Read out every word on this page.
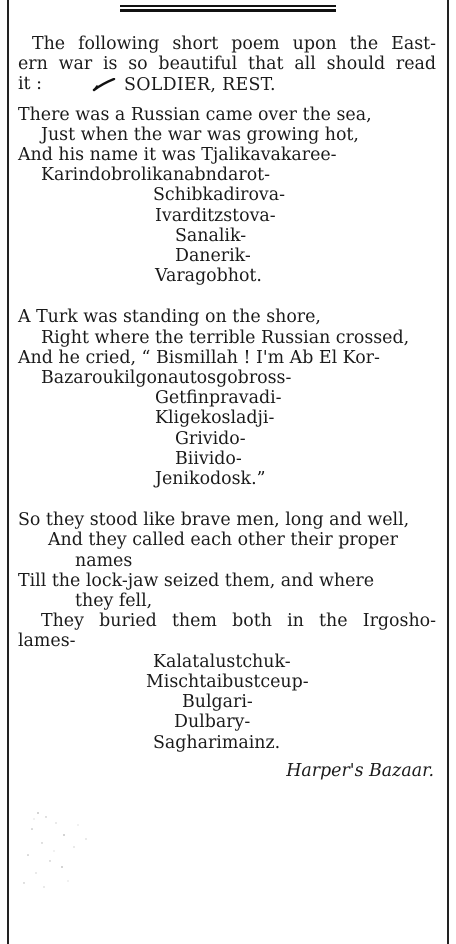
The following short poem upon the East-
ern war is so beautiful that all should read
it :	SOLDIER, REST.
There was a Russian came over the sea,
Just when the war was growing hot,
And his name it was Tjalikavakaree-
Karindobrolikanabndarot-
Schibkadirova-
Ivarditzstova-
Sanalik-
Danerik-
Varagobhot.
A Turk was standing on the shore,
Right where the terrible Russian crossed,
And he cried, “ Bismillah ! I'm Ab El Kor-
Bazaroukilgonautosgobross-
Getfinpravadi-
Kligekosladji-
Grivido-
Biivido-
Jenikodosk.”
So they stood like brave men, long and well,
And they called each other their proper
names
Till the lock-jaw seized them, and where
they fell,
They buried them both in the Irgosho-
lames-
Kalatalustchuk-
Mischtaibustceup-
Bulgari-
Dulbary-
Sagharimainz.
Harper's Bazaar.
